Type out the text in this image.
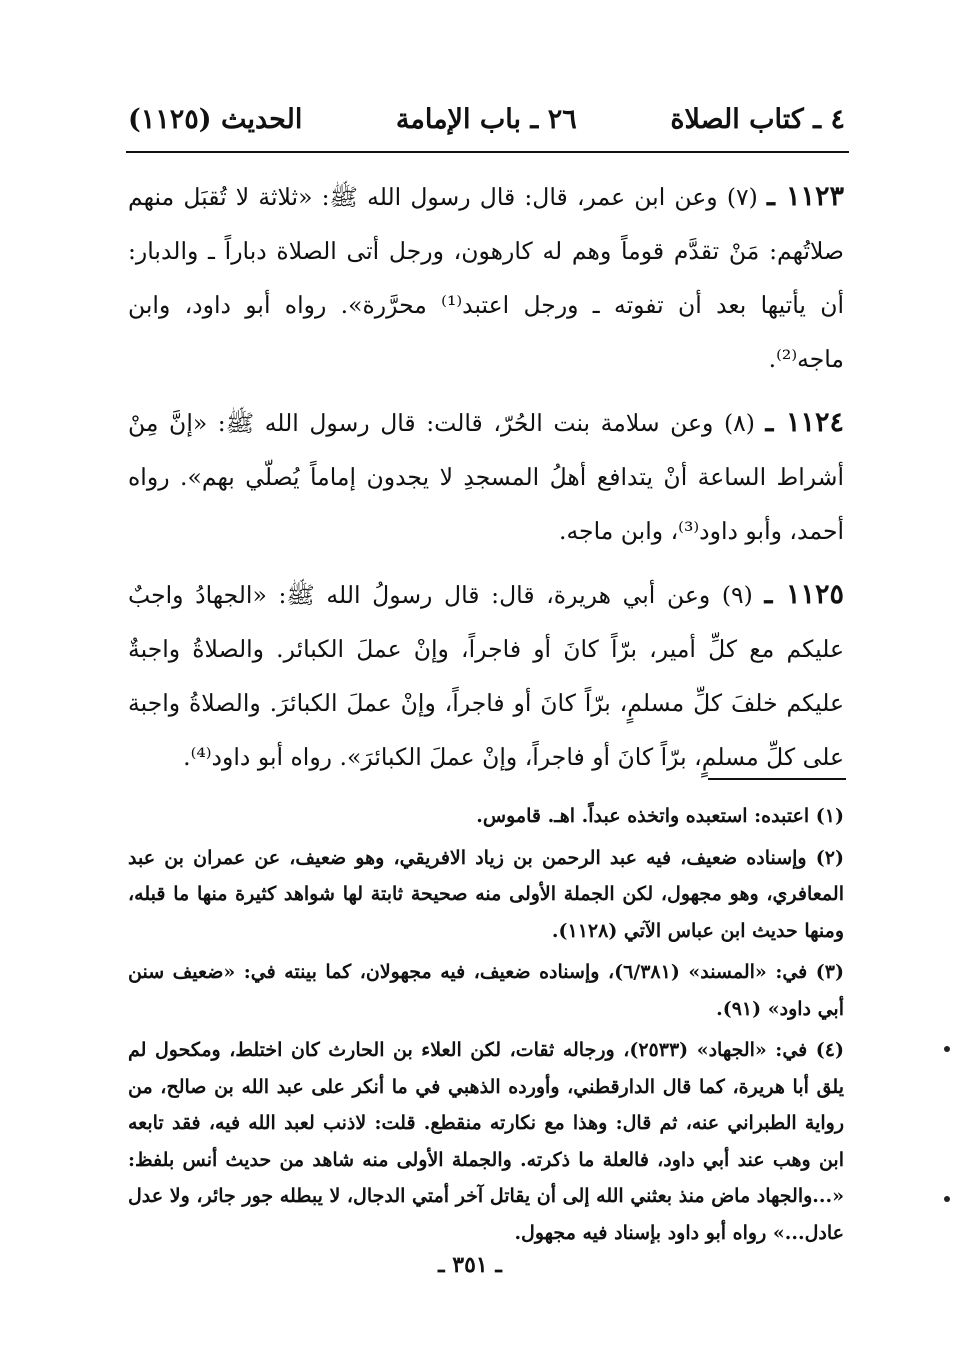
٤ ـ كتاب الصلاة
٢٦ ـ باب الإمامة
الحديث (١١٢٥)

١١٢٣ ـ (٧) وعن ابن عمر، قال: قال رسول الله ﷺ: «ثلاثة لا تُقبَل منهم صلاتُهم: مَنْ تقدَّم قوماً وهم له كارهون، ورجل أتى الصلاة دباراً ـ والدبار: أن يأتيها بعد أن تفوته ـ ورجل اعتبد⁽¹⁾ محرَّرة». رواه أبو داود، وابن ماجه⁽²⁾.

١١٢٤ ـ (٨) وعن سلامة بنت الحُرّ، قالت: قال رسول الله ﷺ: «إنَّ مِنْ أشراط الساعة أنْ يتدافع أهلُ المسجدِ لا يجدون إماماً يُصلّي بهم». رواه أحمد، وأبو داود⁽³⁾، وابن ماجه.

١١٢٥ ـ (٩) وعن أبي هريرة، قال: قال رسولُ الله ﷺ: «الجهادُ واجبٌ عليكم مع كلِّ أمير، برّاً كانَ أو فاجراً، وإنْ عملَ الكبائر. والصلاةُ واجبةٌ عليكم خلفَ كلِّ مسلمٍ، برّاً كانَ أو فاجراً، وإنْ عملَ الكبائرَ. والصلاةُ واجبة على كلِّ مسلمٍ، برّاً كانَ أو فاجراً، وإنْ عملَ الكبائرَ». رواه أبو داود⁽⁴⁾.

(١) اعتبده: استعبده واتخذه عبداً. اهـ. قاموس.

(٢) وإسناده ضعيف، فيه عبد الرحمن بن زياد الافريقي، وهو ضعيف، عن عمران بن عبد المعافري، وهو مجهول، لكن الجملة الأولى منه صحيحة ثابتة لها شواهد كثيرة منها ما قبله، ومنها حديث ابن عباس الآتي (١١٢٨).

(٣) في: «المسند» (٦/٣٨١)، وإسناده ضعيف، فيه مجهولان، كما بينته في: «ضعيف سنن أبي داود» (٩١).

(٤) في: «الجهاد» (٢٥٣٣)، ورجاله ثقات، لكن العلاء بن الحارث كان اختلط، ومكحول لم يلق أبا هريرة، كما قال الدارقطني، وأورده الذهبي في ما أنكر على عبد الله بن صالح، من رواية الطبراني عنه، ثم قال: وهذا مع نكارته منقطع. قلت: لاذنب لعبد الله فيه، فقد تابعه ابن وهب عند أبي داود، فالعلة ما ذكرته. والجملة الأولى منه شاهد من حديث أنس بلفظ: «...والجهاد ماض منذ بعثني الله إلى أن يقاتل آخر أمتي الدجال، لا يبطله جور جائر، ولا عدل عادل...» رواه أبو داود بإسناد فيه مجهول.

ـ ٣٥١ ـ
